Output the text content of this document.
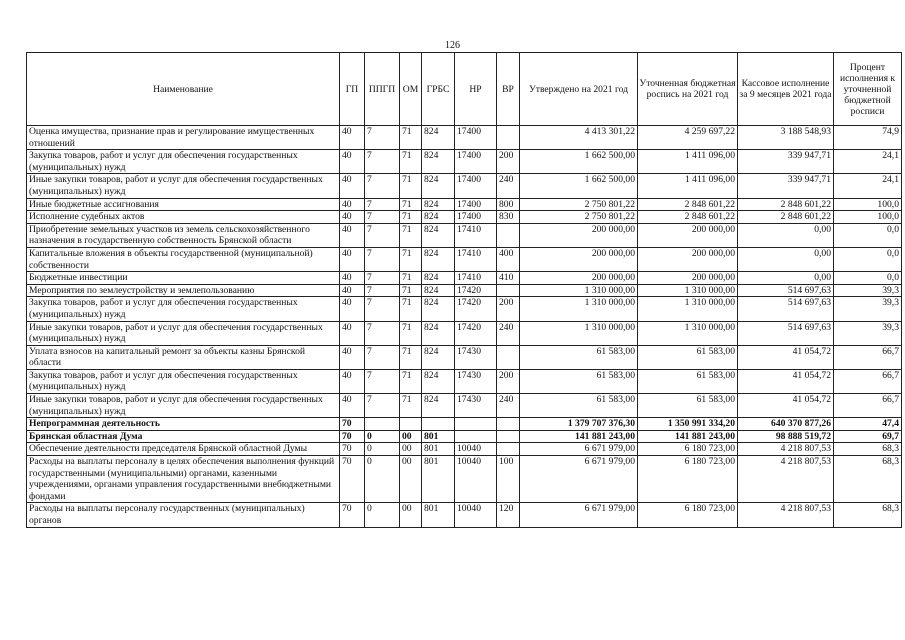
126
Наименование	ГП	ППГП	ОМ	ГРБС	НР	ВР	Утверждено на 2021 год	Уточненная бюджетная роспись на 2021 год	Кассовое исполнение за 9 месяцев 2021 года	Процент исполнения к уточненной бюджетной росписи
Оценка имущества, признание прав и регулирование имущественных отношений	40	7	71	824	17400		4 413 301,22	4 259 697,22	3 188 548,93	74,9
Закупка товаров, работ и услуг для обеспечения государственных (муниципальных) нужд	40	7	71	824	17400	200	1 662 500,00	1 411 096,00	339 947,71	24,1
Иные закупки товаров, работ и услуг для обеспечения государственных (муниципальных) нужд	40	7	71	824	17400	240	1 662 500,00	1 411 096,00	339 947,71	24,1
Иные бюджетные ассигнования	40	7	71	824	17400	800	2 750 801,22	2 848 601,22	2 848 601,22	100,0
Исполнение судебных актов	40	7	71	824	17400	830	2 750 801,22	2 848 601,22	2 848 601,22	100,0
Приобретение земельных участков из земель сельскохозяйственного назначения в государственную собственность Брянской области	40	7	71	824	17410		200 000,00	200 000,00	0,00	0,0
Капитальные вложения в объекты государственной (муниципальной) собственности	40	7	71	824	17410	400	200 000,00	200 000,00	0,00	0,0
Бюджетные инвестиции	40	7	71	824	17410	410	200 000,00	200 000,00	0,00	0,0
Мероприятия по землеустройству и землепользованию	40	7	71	824	17420		1 310 000,00	1 310 000,00	514 697,63	39,3
Закупка товаров, работ и услуг для обеспечения государственных (муниципальных) нужд	40	7	71	824	17420	200	1 310 000,00	1 310 000,00	514 697,63	39,3
Иные закупки товаров, работ и услуг для обеспечения государственных (муниципальных) нужд	40	7	71	824	17420	240	1 310 000,00	1 310 000,00	514 697,63	39,3
Уплата взносов на капитальный ремонт за объекты казны Брянской области	40	7	71	824	17430		61 583,00	61 583,00	41 054,72	66,7
Закупка товаров, работ и услуг для обеспечения государственных (муниципальных) нужд	40	7	71	824	17430	200	61 583,00	61 583,00	41 054,72	66,7
Иные закупки товаров, работ и услуг для обеспечения государственных (муниципальных) нужд	40	7	71	824	17430	240	61 583,00	61 583,00	41 054,72	66,7
Непрограммная деятельность	70						1 379 707 376,30	1 350 991 334,20	640 370 877,26	47,4
Брянская областная Дума	70	0	00	801			141 881 243,00	141 881 243,00	98 888 519,72	69,7
Обеспечение деятельности председателя Брянской областной Думы	70	0	00	801	10040		6 671 979,00	6 180 723,00	4 218 807,53	68,3
Расходы на выплаты персоналу в целях обеспечения выполнения функций государственными (муниципальными) органами, казенными учреждениями, органами управления государственными внебюджетными фондами	70	0	00	801	10040	100	6 671 979,00	6 180 723,00	4 218 807,53	68,3
Расходы на выплаты персоналу государственных (муниципальных) органов	70	0	00	801	10040	120	6 671 979,00	6 180 723,00	4 218 807,53	68,3
